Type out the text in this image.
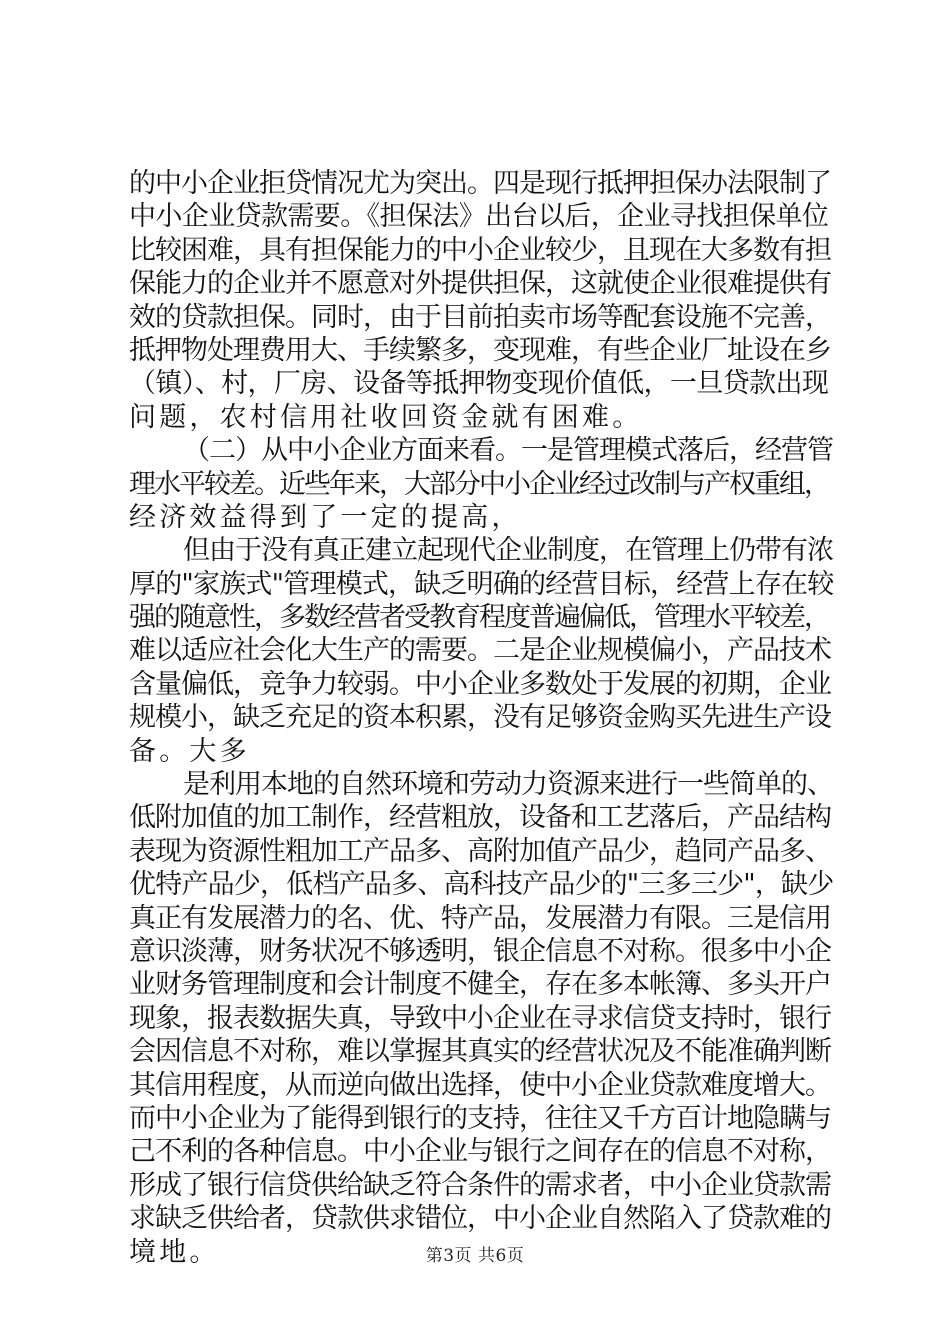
的中小企业拒贷情况尤为突出。四是现行抵押担保办法限制了
中小企业贷款需要。《担保法》出台以后，企业寻找担保单位
比较困难，具有担保能力的中小企业较少，且现在大多数有担
保能力的企业并不愿意对外提供担保，这就使企业很难提供有
效的贷款担保。同时，由于目前拍卖市场等配套设施不完善，
抵押物处理费用大、手续繁多，变现难，有些企业厂址设在乡
（镇）、村，厂房、设备等抵押物变现价值低，一旦贷款出现
问题，农村信用社收回资金就有困难。
（二）从中小企业方面来看。一是管理模式落后，经营管
理水平较差。近些年来，大部分中小企业经过改制与产权重组，
经济效益得到了一定的提高，
但由于没有真正建立起现代企业制度，在管理上仍带有浓
厚的"家族式"管理模式，缺乏明确的经营目标，经营上存在较
强的随意性，多数经营者受教育程度普遍偏低，管理水平较差，
难以适应社会化大生产的需要。二是企业规模偏小，产品技术
含量偏低，竞争力较弱。中小企业多数处于发展的初期，企业
规模小，缺乏充足的资本积累，没有足够资金购买先进生产设
备。大多
是利用本地的自然环境和劳动力资源来进行一些简单的、
低附加值的加工制作，经营粗放，设备和工艺落后，产品结构
表现为资源性粗加工产品多、高附加值产品少，趋同产品多、
优特产品少，低档产品多、高科技产品少的"三多三少"，缺少
真正有发展潜力的名、优、特产品，发展潜力有限。三是信用
意识淡薄，财务状况不够透明，银企信息不对称。很多中小企
业财务管理制度和会计制度不健全，存在多本帐簿、多头开户
现象，报表数据失真，导致中小企业在寻求信贷支持时，银行
会因信息不对称，难以掌握其真实的经营状况及不能准确判断
其信用程度，从而逆向做出选择，使中小企业贷款难度增大。
而中小企业为了能得到银行的支持，往往又千方百计地隐瞒与
己不利的各种信息。中小企业与银行之间存在的信息不对称，
形成了银行信贷供给缺乏符合条件的需求者，中小企业贷款需
求缺乏供给者，贷款供求错位，中小企业自然陷入了贷款难的
境地。	第3页 共6页
